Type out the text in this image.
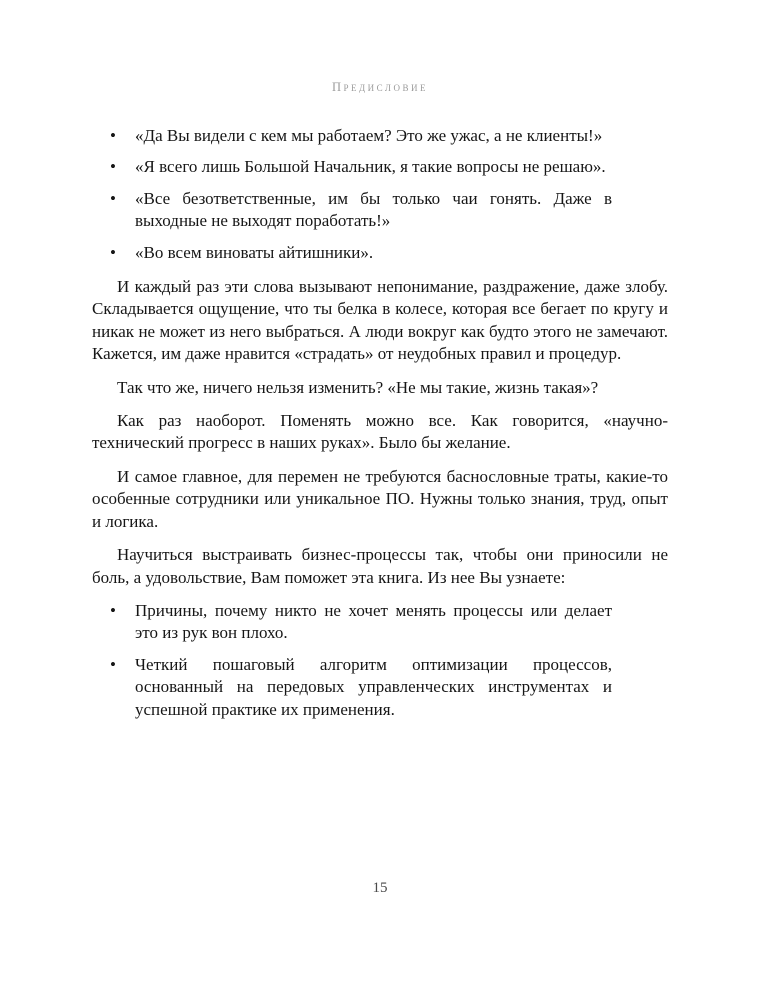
Предисловие
•	«Да Вы видели с кем мы работаем? Это же ужас, а не клиенты!»
•	«Я всего лишь Большой Начальник, я такие вопросы не решаю».
•	«Все безответственные, им бы только чаи гонять. Даже в выходные не выходят поработать!»
•	«Во всем виноваты айтишники».

И каждый раз эти слова вызывают непонимание, раздражение, даже злобу. Складывается ощущение, что ты белка в колесе, которая все бегает по кругу и никак не может из него выбраться. А люди вокруг как будто этого не замечают. Кажется, им даже нравится «страдать» от неудобных правил и процедур.

Так что же, ничего нельзя изменить? «Не мы такие, жизнь такая»?

Как раз наоборот. Поменять можно все. Как говорится, «научно-технический прогресс в наших руках». Было бы желание.

И самое главное, для перемен не требуются баснословные траты, какие-то особенные сотрудники или уникальное ПО. Нужны только знания, труд, опыт и логика.

Научиться выстраивать бизнес-процессы так, чтобы они приносили не боль, а удовольствие, Вам поможет эта книга. Из нее Вы узнаете:

•	Причины, почему никто не хочет менять процессы или делает это из рук вон плохо.
•	Четкий пошаговый алгоритм оптимизации процессов, основанный на передовых управленческих инструментах и успешной практике их применения.
15
